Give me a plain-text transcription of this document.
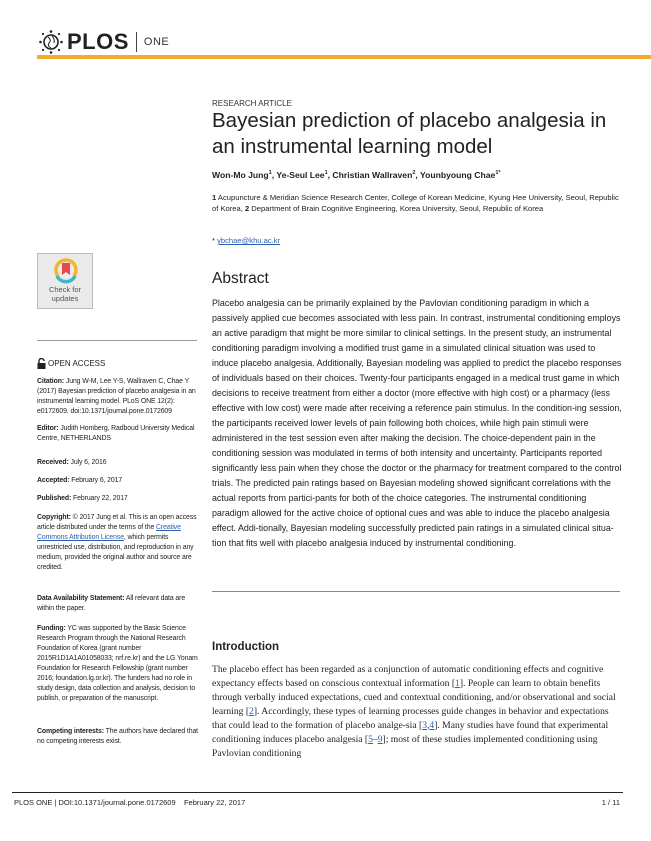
PLOS ONE
RESEARCH ARTICLE
Bayesian prediction of placebo analgesia in an instrumental learning model
Won-Mo Jung$^1$, Ye-Seul Lee$^1$, Christian Wallraven$^2$, Younbyoung Chae$^{1*}$
1 Acupuncture & Meridian Science Research Center, College of Korean Medicine, Kyung Hee University, Seoul, Republic of Korea, 2 Department of Brain Cognitive Engineering, Korea University, Seoul, Republic of Korea
* ybchae@khu.ac.kr
Abstract
Placebo analgesia can be primarily explained by the Pavlovian conditioning paradigm in which a passively applied cue becomes associated with less pain. In contrast, instrumental conditioning employs an active paradigm that might be more similar to clinical settings. In the present study, an instrumental conditioning paradigm involving a modified trust game in a simulated clinical situation was used to induce placebo analgesia. Additionally, Bayesian modeling was applied to predict the placebo responses of individuals based on their choices. Twenty-four participants engaged in a medical trust game in which decisions to receive treatment from either a doctor (more effective with high cost) or a pharmacy (less effective with low cost) were made after receiving a reference pain stimulus. In the condition-ing session, the participants received lower levels of pain following both choices, while high pain stimuli were administered in the test session even after making the decision. The choice-dependent pain in the conditioning session was modulated in terms of both intensity and uncertainty. Participants reported significantly less pain when they chose the doctor or the pharmacy for treatment compared to the control trials. The predicted pain ratings based on Bayesian modeling showed significant correlations with the actual reports from partici-pants for both of the choice categories. The instrumental conditioning paradigm allowed for the active choice of optional cues and was able to induce the placebo analgesia effect. Addi-tionally, Bayesian modeling successfully predicted pain ratings in a simulated clinical situa-tion that fits well with placebo analgesia induced by instrumental conditioning.
Introduction
The placebo effect has been regarded as a conjunction of automatic conditioning effects and cognitive expectancy effects based on conscious contextual information [1]. People can learn to obtain benefits through verbally induced expectations, cued and contextual conditioning, and/or observational and social learning [2]. Accordingly, these types of learning processes guide changes in behavior and expectations that could lead to the formation of placebo analge-sia [3,4]. Many studies have found that experimental conditioning induces placebo analgesia [5–9]; most of these studies implemented conditioning using Pavlovian conditioning
Check for updates
OPEN ACCESS
Citation: Jung W-M, Lee Y-S, Wallraven C, Chae Y (2017) Bayesian prediction of placebo analgesia in an instrumental learning model. PLoS ONE 12(2): e0172609. doi:10.1371/journal.pone.0172609
Editor: Judith Homberg, Radboud University Medical Centre, NETHERLANDS
Received: July 6, 2016
Accepted: February 6, 2017
Published: February 22, 2017
Copyright: © 2017 Jung et al. This is an open access article distributed under the terms of the Creative Commons Attribution License, which permits unrestricted use, distribution, and reproduction in any medium, provided the original author and source are credited.
Data Availability Statement: All relevant data are within the paper.
Funding: YC was supported by the Basic Science Research Program through the National Research Foundation of Korea (grant number 2015R1D1A1A01058033; nrf.re.kr) and the LG Yonam Foundation for Research Fellowship (grant number 2016; foundation.lg.or.kr). The funders had no role in study design, data collection and analysis, decision to publish, or preparation of the manuscript.
Competing interests: The authors have declared that no competing interests exist.
PLOS ONE | DOI:10.1371/journal.pone.0172609    February 22, 2017	1 / 11
